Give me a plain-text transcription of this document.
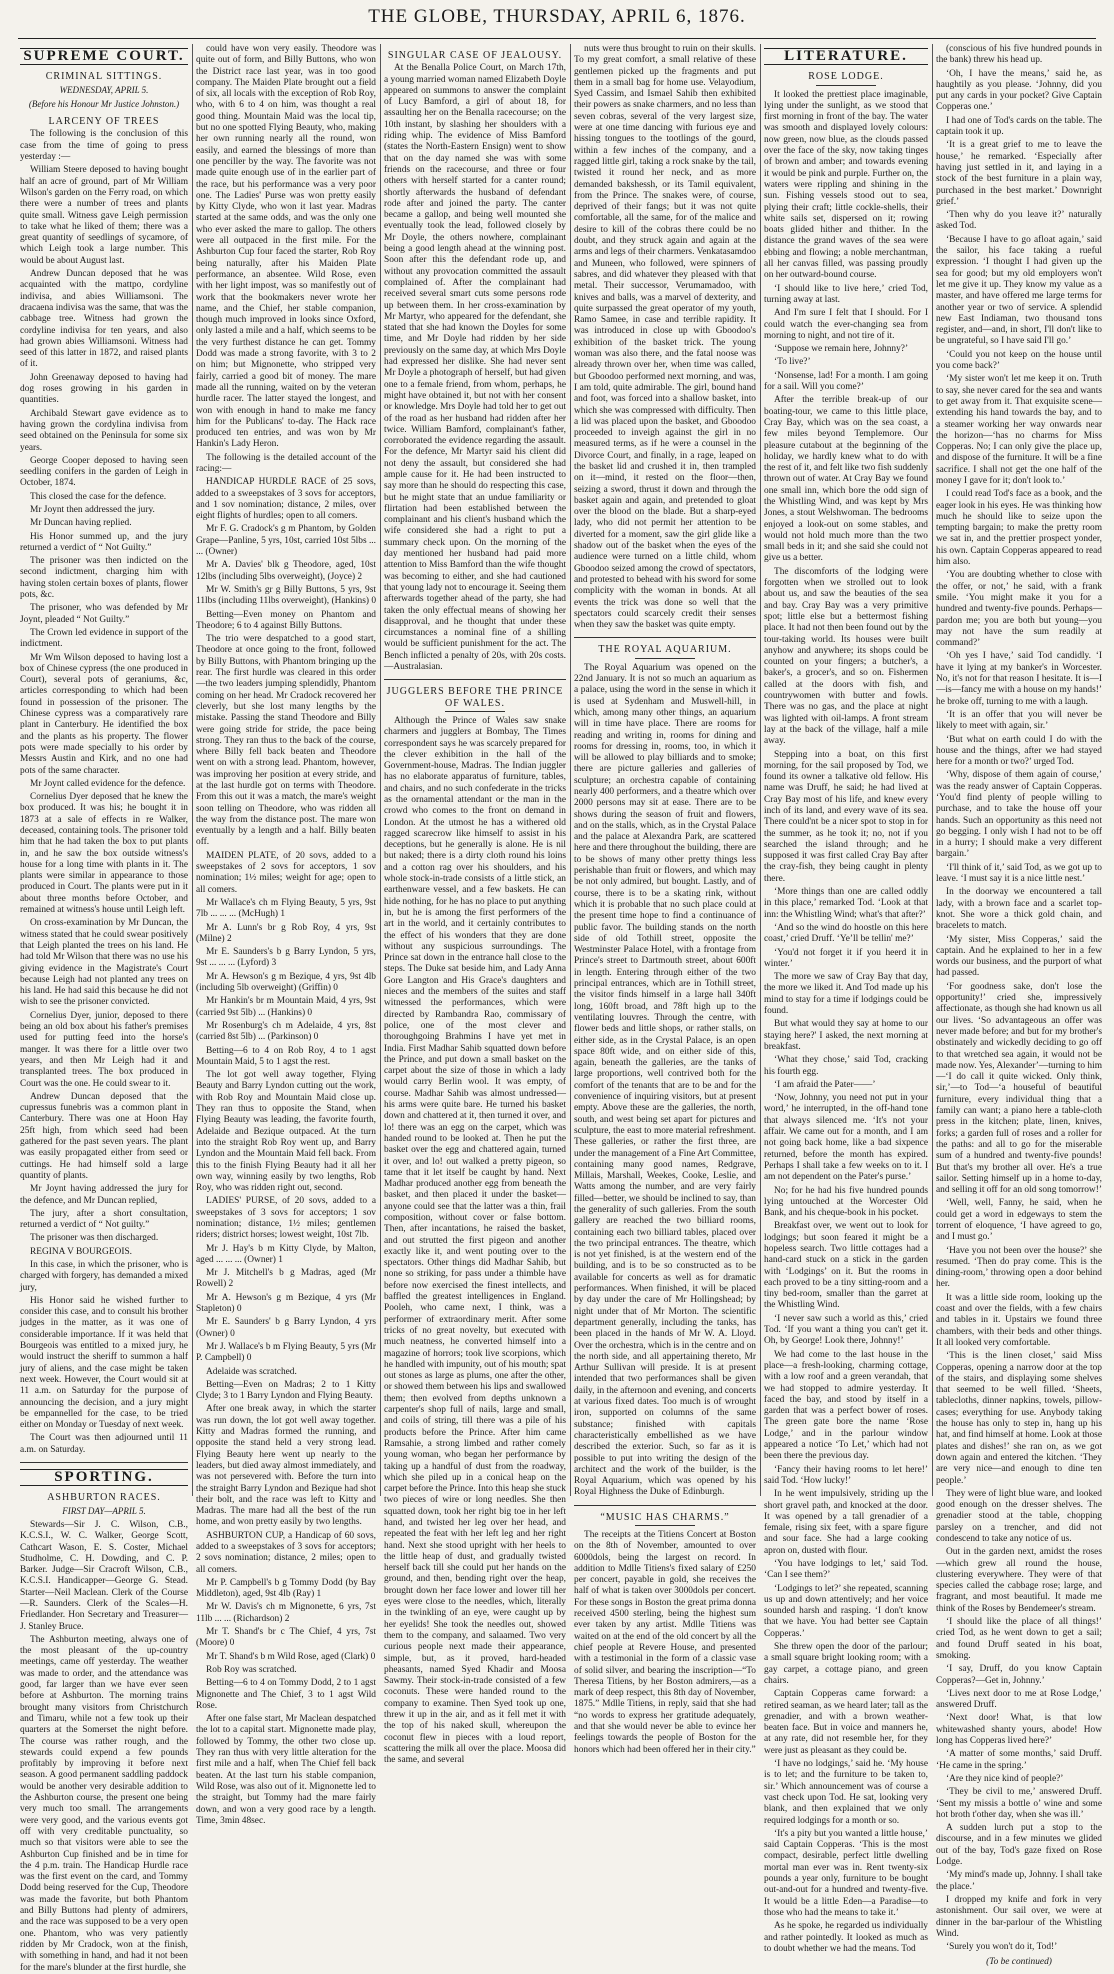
THE GLOBE, THURSDAY, APRIL 6, 1876.
SUPREME COURT.
CRIMINAL SITTINGS.
WEDNESDAY, APRIL 5.
(Before his Honour Mr Justice Johnston.)
LARCENY OF TREES

The following is the conclusion of this case from the time of going to press yesterday :—

William Steere deposed to having bought half an acre of ground, part of Mr William Wilson's garden on the Ferry road, on which there were a number of trees and plants quite small. Witness gave Leigh permission to take what he liked of them; there was a great quantity of seedlings of sycamore, of which Leigh took a large number. This would be about August last.

Andrew Duncan deposed that he was acquainted with the mattpo, cordyline indivisa, and abies Williamsoni. The dracaena indivisa was the same, that was the cabbage tree. Witness had grown the cordyline indivisa for ten years, and also had grown abies Williamsoni. Witness had seed of this latter in 1872, and raised plants of it.

John Greenaway deposed to having had dog roses growing in his garden in quantities.

Archibald Stewart gave evidence as to having grown the cordylina indivisa from seed obtained on the Peninsula for some six years.

George Cooper deposed to having seen seedling conifers in the garden of Leigh in October, 1874.

This closed the case for the defence.

Mr Joynt then addressed the jury.

Mr Duncan having replied.

His Honor summed up, and the jury returned a verdict of “ Not Guilty.”

The prisoner was then indicted on the second indictment, charging him with having stolen certain boxes of plants, flower pots, &c.

The prisoner, who was defended by Mr Joynt, pleaded “ Not Guilty.”

The Crown led evidence in support of the indictment.

Mr Wm Wilson deposed to having lost a box of Chinese cypress (the one produced in Court), several pots of geraniums, &c, articles corresponding to which had been found in possession of the prisoner. The Chinese cypress was a comparatively rare plant in Canterbury. He identified the box and the plants as his property. The flower pots were made specially to his order by Messrs Austin and Kirk, and no one had pots of the same character.

Mr Joynt called evidence for the defence.

Cornelius Dyer deposed that he knew the box produced. It was his; he bought it in 1873 at a sale of effects in re Walker, deceased, containing tools. The prisoner told him that he had taken the box to put plants in, and he saw the box outside witness's house for a long time with plants in it. The plants were similar in appearance to those produced in Court. The plants were put in it about three months before October, and remained at witness's house until Leigh left.

On cross-examination by Mr Duncan, the witness stated that he could swear positively that Leigh planted the trees on his land. He had told Mr Wilson that there was no use his giving evidence in the Magistrate's Court because Leigh had not planted any trees on his land. He had said this because he did not wish to see the prisoner convicted.

Cornelius Dyer, junior, deposed to there being an old box about his father's premises used for putting feed into the horse's manger. It was there for a little over two years, and then Mr Leigh had it and transplanted trees. The box produced in Court was the one. He could swear to it.

Andrew Duncan deposed that the cupressus funebris was a common plant in Canterbury. There was one at Hoon Hay 25ft high, from which seed had been gathered for the past seven years. The plant was easily propagated either from seed or cuttings. He had himself sold a large quantity of plants.

Mr Joynt having addressed the jury for the defence, and Mr Duncan replied,

The jury, after a short consultation, returned a verdict of “ Not guilty.”

The prisoner was then discharged.

REGINA V BOURGEOIS.

In this case, in which the prisoner, who is charged with forgery, has demanded a mixed jury,

His Honor said he wished further to consider this case, and to consult his brother judges in the matter, as it was one of considerable importance. If it was held that Bourgeois was entitled to a mixed jury, he would instruct the sheriff to summon a half jury of aliens, and the case might be taken next week. However, the Court would sit at 11 a.m. on Saturday for the purpose of announcing the decision, and a jury might be empannelled for the case, to be tried either on Monday or Tuesday of next week.

The Court was then adjourned until 11 a.m. on Saturday.

SPORTING.
ASHBURTON RACES.
FIRST DAY—APRIL 5.

Stewards—Sir J. C. Wilson, C.B., K.C.S.I., W. C. Walker, George Scott, Cathcart Wason, E. S. Coster, Michael Studholme, C. H. Dowding, and C. P. Barker. Judge—Sir Cracroft Wilson, C.B., K.C.S.I. Handicapper—George G. Stead. Starter—Neil Maclean. Clerk of the Course—R. Saunders. Clerk of the Scales—H. Friedlander. Hon Secretary and Treasurer—J. Stanley Bruce.

The Ashburton meeting, always one of the most pleasant of the up-country meetings, came off yesterday. The weather was made to order, and the attendance was good, far larger than we have ever seen before at Ashburton. The morning trains brought many visitors from Christchurch and Timaru, while not a few took up their quarters at the Somerset the night before. The course was rather rough, and the stewards could expend a few pounds profitably by improving it before next season. A good permanent saddling paddock would be another very desirable addition to the Ashburton course, the present one being very much too small. The arrangements were very good, and the various events got off with very creditable punctuality, so much so that visitors were able to see the Ashburton Cup finished and be in time for the 4 p.m. train. The Handicap Hurdle race was the first event on the card, and Tommy Dodd being reserved for the Cup, Theodore was made the favorite, but both Phantom and Billy Buttons had plenty of admirers, and the race was supposed to be a very open one. Phantom, who was very patiently ridden by Mr Cradock, won at the finish, with something in hand, and had it not been for the mare's blunder at the first hurdle, she

could have won very easily. Theodore was quite out of form, and Billy Buttons, who won the District race last year, was in too good company. The Maiden Plate brought out a field of six, all locals with the exception of Rob Roy, who, with 6 to 4 on him, was thought a real good thing. Mountain Maid was the local tip, but no one spotted Flying Beauty, who, making her own running nearly all the round, won easily, and earned the blessings of more than one penciller by the way. The favorite was not made quite enough use of in the earlier part of the race, but his performance was a very poor one. The Ladies' Purse was won pretty easily by Kitty Clyde, who won it last year. Madras started at the same odds, and was the only one who ever asked the mare to gallop. The others were all outpaced in the first mile. For the Ashburton Cup four faced the starter, Rob Roy being naturally, after his Maiden Plate performance, an absentee. Wild Rose, even with her light impost, was so manifestly out of work that the bookmakers never wrote her name, and the Chief, her stable companion, though much improved in looks since Oxford, only lasted a mile and a half, which seems to be the very furthest distance he can get. Tommy Dodd was made a strong favorite, with 3 to 2 on him; but Mignonette, who stripped very fairly, carried a good bit of money. The mare made all the running, waited on by the veteran hurdle racer. The latter stayed the longest, and won with enough in hand to make me fancy him for the Publicans' to-day. The Hack race produced ten entries, and was won by Mr Hankin's Lady Heron.

The following is the detailed account of the racing:—

HANDICAP HURDLE RACE of 25 sovs, added to a sweepstakes of 3 sovs for acceptors, and 1 sov nomination; distance, 2 miles, over eight flights of hurdles; open to all comers.

Mr F. G. Cradock's g m Phantom, by Golden Grape—Panline, 5 yrs, 10st, carried 10st 5lbs ... ... (Owner)

Mr A. Davies' blk g Theodore, aged, 10st 12lbs (including 5lbs overweight), (Joyce) 2

Mr W. Smith's gr g Billy Buttons, 5 yrs, 9st 11lbs (including 11lbs overweight), (Hankins) 0

Betting—Even money on Phantom and Theodore; 6 to 4 against Billy Buttons.

The trio were despatched to a good start, Theodore at once going to the front, followed by Billy Buttons, with Phantom bringing up the rear. The first hurdle was cleared in this order—the two leaders jumping splendidly, Phantom coming on her head. Mr Cradock recovered her cleverly, but she lost many lengths by the mistake. Passing the stand Theodore and Billy were going stride for stride, the pace being strong. They ran thus to the back of the course, where Billy fell back beaten and Theodore went on with a strong lead. Phantom, however, was improving her position at every stride, and at the last hurdle got on terms with Theodore. From this out it was a match, the mare's weight soon telling on Theodore, who was ridden all the way from the distance post. The mare won eventually by a length and a half. Billy beaten off.

MAIDEN PLATE, of 20 sovs, added to a sweepstakes of 2 sovs for acceptors, 1 sov nomination; 1½ miles; weight for age; open to all comers.

Mr Wallace's ch m Flying Beauty, 5 yrs, 9st 7lb ... ... ... (McHugh) 1

Mr A. Lunn's br g Rob Roy, 4 yrs, 9st (Milne) 2

Mr E. Saunders's b g Barry Lyndon, 5 yrs, 9st ... ... ... (Lyford) 3

Mr A. Hewson's g m Bezique, 4 yrs, 9st 4lb (including 5lb overweight) (Griffin) 0

Mr Hankin's br m Mountain Maid, 4 yrs, 9st (carried 9st 5lb) ... (Hankins) 0

Mr Rosenburg's ch m Adelaide, 4 yrs, 8st (carried 8st 5lb) ... (Parkinson) 0

Betting—6 to 4 on Rob Roy, 4 to 1 agst Mountain Maid, 5 to 1 agst the rest.

The lot got well away together, Flying Beauty and Barry Lyndon cutting out the work, with Rob Roy and Mountain Maid close up. They ran thus to opposite the Stand, when Flying Beauty was leading, the favorite fourth, Adelaide and Bezique outpaced. At the turn into the straight Rob Roy went up, and Barry Lyndon and the Mountain Maid fell back. From this to the finish Flying Beauty had it all her own way, winning easily by two lengths, Rob Roy, who was ridden right out, second.

LADIES' PURSE, of 20 sovs, added to a sweepstakes of 3 sovs for acceptors; 1 sov nomination; distance, 1½ miles; gentlemen riders; district horses; lowest weight, 10st 7lb.

Mr J. Hay's b m Kitty Clyde, by Malton, aged ... ... ... (Owner) 1

Mr J. Mitchell's b g Madras, aged (Mr Rowell) 2

Mr A. Hewson's g m Bezique, 4 yrs (Mr Stapleton) 0

Mr E. Saunders' b g Barry Lyndon, 4 yrs (Owner) 0

Mr J. Wallace's b m Flying Beauty, 5 yrs (Mr P. Campbell) 0

Adelaide was scratched.

Betting—Even on Madras; 2 to 1 Kitty Clyde; 3 to 1 Barry Lyndon and Flying Beauty.

After one break away, in which the starter was run down, the lot got well away together. Kitty and Madras formed the running, and opposite the stand held a very strong lead. Flying Beauty here went up nearly to the leaders, but died away almost immediately, and was not persevered with. Before the turn into the straight Barry Lyndon and Bezique had shot their bolt, and the race was left to Kitty and Madras. The mare had all the best of the run home, and won pretty easily by two lengths.

ASHBURTON CUP, a Handicap of 60 sovs, added to a sweepstakes of 3 sovs for acceptors; 2 sovs nomination; distance, 2 miles; open to all comers.

Mr P. Campbell's b g Tommy Dodd (by Bay Middleton), aged, 9st 4lb (Ray) 1

Mr W. Davis's ch m Mignonette, 6 yrs, 7st 11lb ... ... (Richardson) 2

Mr T. Shand's br c The Chief, 4 yrs, 7st (Moore) 0

Mr T. Shand's b m Wild Rose, aged (Clark) 0

Rob Roy was scratched.

Betting—6 to 4 on Tommy Dodd, 2 to 1 agst Mignonette and The Chief, 3 to 1 agst Wild Rose.

After one false start, Mr Maclean despatched the lot to a capital start. Mignonette made play, followed by Tommy, the other two close up. They ran thus with very little alteration for the first mile and a half, when The Chief fell back beaten. At the last turn his stable companion, Wild Rose, was also out of it. Mignonette led to the straight, but Tommy had the mare fairly down, and won a very good race by a length. Time, 3min 48sec.

SINGULAR CASE OF JEALOUSY.

At the Benalla Police Court, on March 17th, a young married woman named Elizabeth Doyle appeared on summons to answer the complaint of Lucy Bamford, a girl of about 18, for assaulting her on the Benalla racecourse; on the 10th instant, by slashing her shoulders with a riding whip. The evidence of Miss Bamford (states the North-Eastern Ensign) went to show that on the day named she was with some friends on the racecourse, and three or four others with herself started for a canter round; shortly afterwards the husband of defendant rode after and joined the party. The canter became a gallop, and being well mounted she eventually took the lead, followed closely by Mr Doyle, the others nowhere, complainant being a good length ahead at the winning post. Soon after this the defendant rode up, and without any provocation committed the assault complained of. After the complainant had received several smart cuts some persons rode up between them. In her cross-examination by Mr Martyr, who appeared for the defendant, she stated that she had known the Doyles for some time, and Mr Doyle had ridden by her side previously on the same day, at which Mrs Doyle had expressed her dislike. She had never sent Mr Doyle a photograph of herself, but had given one to a female friend, from whom, perhaps, he might have obtained it, but not with her consent or knowledge. Mrs Doyle had told her to get out of the road as her husband had ridden after her twice. William Bamford, complainant's father, corroborated the evidence regarding the assault. For the defence, Mr Martyr said his client did not deny the assault, but considered she had ample cause for it. He had been instructed to say more than he should do respecting this case, but he might state that an undue familiarity or flirtation had been established between the complainant and his client's husband which the wife considered she had a right to put a summary check upon. On the morning of the day mentioned her husband had paid more attention to Miss Bamford than the wife thought was becoming to either, and she had cautioned that young lady not to encourage it. Seeing them afterwards together ahead of the party, she had taken the only effectual means of showing her disapproval, and he thought that under these circumstances a nominal fine of a shilling would be sufficient punishment for the act. The Bench inflicted a penalty of 20s, with 20s costs.—Australasian.

JUGGLERS BEFORE THE PRINCE OF WALES.

Although the Prince of Wales saw snake charmers and jugglers at Bombay, The Times correspondent says he was scarcely prepared for the clever exhibition in the hall of the Government-house, Madras. The Indian juggler has no elaborate apparatus of furniture, tables, and chairs, and no such confederate in the tricks as the ornamental attendant or the man in the crowd who comes to the front on demand in London. At the utmost he has a withered old ragged scarecrow like himself to assist in his deceptions, but he generally is alone. He is nil but naked; there is a dirty cloth round his loins and a cotton rag over his shoulders, and his whole stock-in-trade consists of a little stick, an earthenware vessel, and a few baskets. He can hide nothing, for he has no place to put anything in, but he is among the first performers of the art in the world, and it certainly contributes to the effect of his wonders that they are done without any suspicious surroundings. The Prince sat down in the entrance hall close to the steps. The Duke sat beside him, and Lady Anna Gore Langton and His Grace's daughters and nieces and the members of the suites and staff witnessed the performances, which were directed by Rambandra Rao, commissary of police, one of the most clever and thoroughgoing Brahmins I have yet met in India. First Madhar Sahib squatted down before the Prince, and put down a small basket on the carpet about the size of those in which a lady would carry Berlin wool. It was empty, of course. Madhar Sahib was almost undressed—his arms were quite bare. He turned his basket down and chattered at it, then turned it over, and lo! there was an egg on the carpet, which was handed round to be looked at. Then he put the basket over the egg and chattered again, turned it over, and lo! out walked a pretty pigeon, so tame that it let itself be caught by hand. Next Madhar produced another egg from beneath the basket, and then placed it under the basket—anyone could see that the latter was a thin, frail composition, without cover or false bottom. Then, after incantations, he raised the basket, and out strutted the first pigeon and another exactly like it, and went pouting over to the spectators. Other things did Madhar Sahib, but none so striking, for pass under a thimble have before now exercised the finest intellects, and baffled the greatest intelligences in England. Pooleh, who came next, I think, was a performer of extraordinary merit. After some tricks of no great novelty, but executed with much neatness, he converted himself into a magazine of horrors; took live scorpions, which he handled with impunity, out of his mouth; spat out stones as large as plums, one after the other, or showed them between his lips and swallowed them; then evolved from depths unknown a carpenter's shop full of nails, large and small, and coils of string, till there was a pile of his products before the Prince. After him came Ramsahie, a strong limbed and rather comely young woman, who began her performance by taking up a handful of dust from the roadway, which she piled up in a conical heap on the carpet before the Prince. Into this heap she stuck two pieces of wire or long needles. She then squatted down, took her right big toe in her left hand, and twisted her leg over her head, and repeated the feat with her left leg and her right hand. Next she stood upright with her heels to the little heap of dust, and gradually twisted herself back till she could put her hands on the ground, and then, bending right over the heap, brought down her face lower and lower till her eyes were close to the needles, which, literally in the twinkling of an eye, were caught up by her eyelids! She took the needles out, showed them to the company, and salaamed. Two very curious people next made their appearance, simple, but, as it proved, hard-headed pheasants, named Syed Khadir and Moosa Sawmy. Their stock-in-trade consisted of a few coconuts. These were handed round to the company to examine. Then Syed took up one, threw it up in the air, and as it fell met it with the top of his naked skull, whereupon the coconut flew in pieces with a loud report, scattering the milk all over the place. Moosa did the same, and several

nuts were thus brought to ruin on their skulls. To my great comfort, a small relative of these gentlemen picked up the fragments and put them in a small bag for home use. Velayodium, Syed Cassim, and Ismael Sahib then exhibited their powers as snake charmers, and no less than seven cobras, several of the very largest size, were at one time dancing with furious eye and hissing tongues to the tootlings of the gourd, within a few inches of the company, and a ragged little girl, taking a rock snake by the tail, twisted it round her neck, and as more demanded bakshessh, or its Tamil equivalent, from the Prince. The snakes were, of course, deprived of their fangs; but it was not quite comfortable, all the same, for of the malice and desire to kill of the cobras there could be no doubt, and they struck again and again at the arms and legs of their charmers. Venkatasamdoo and Muneen, who followed, were spinners of sabres, and did whatever they pleased with that metal. Their successor, Verumamadoo, with knives and balls, was a marvel of dexterity, and quite surpassed the great operator of my youth, Ramo Samee, in case and terrible rapidity. It was introduced in close up with Gboodoo's exhibition of the basket trick. The young woman was also there, and the fatal noose was already thrown over her, when time was called, but Gboodoo performed next morning, and was, I am told, quite admirable. The girl, bound hand and foot, was forced into a shallow basket, into which she was compressed with difficulty. Then a lid was placed upon the basket, and Gboodoo proceeded to inveigh against the girl in no measured terms, as if he were a counsel in the Divorce Court, and finally, in a rage, leaped on the basket lid and crushed it in, then trampled on it—mind, it rested on the floor—then, seizing a sword, thrust it down and through the basket again and again, and pretended to gloat over the blood on the blade. But a sharp-eyed lady, who did not permit her attention to be diverted for a moment, saw the girl glide like a shadow out of the basket when the eyes of the audience were turned on a little child, whom Gboodoo seized among the crowd of spectators, and protested to behead with his sword for some complicity with the woman in bonds. At all events the trick was done so well that the spectators could scarcely credit their senses when they saw the basket was quite empty.

THE ROYAL AQUARIUM.

The Royal Aquarium was opened on the 22nd January. It is not so much an aquarium as a palace, using the word in the sense in which it is used at Sydenham and Muswell-hill, in which, among many other things, an aquarium will in time have place. There are rooms for reading and writing in, rooms for dining and rooms for dressing in, rooms, too, in which it will be allowed to play billiards and to smoke; there are picture galleries and galleries of sculpture; an orchestra capable of containing nearly 400 performers, and a theatre which over 2000 persons may sit at ease. There are to be shows during the season of fruit and flowers, and on the stalls, which, as in the Crystal Palace and the palace at Alexandra Park, are scattered here and there throughout the building, there are to be shows of many other pretty things less perishable than fruit or flowers, and which may be not only admired, but bought. Lastly, and of course, there is to be a skating rink, without which it is probable that no such place could at the present time hope to find a continuance of public favor. The building stands on the north side of old Tothill street, opposite the Westminster Palace Hotel, with a frontage from Prince's street to Dartmouth street, about 600ft in length. Entering through either of the two principal entrances, which are in Tothill street, the visitor finds himself in a large hall 340ft long, 160ft broad, and 78ft high up to the ventilating louvres. Through the centre, with flower beds and little shops, or rather stalls, on either side, as in the Crystal Palace, is an open space 80ft wide, and on either side of this, again, beneath the galleries, are the tanks of large proportions, well contrived both for the comfort of the tenants that are to be and for the convenience of inquiring visitors, but at present empty. Above these are the galleries, the north, south, and west being set apart for pictures and sculpture, the east to more material refreshment. These galleries, or rather the first three, are under the management of a Fine Art Committee, containing many good names, Redgrave, Millais, Marshall, Weekes, Cooke, Leslie, and Watts among the number, and are very fairly filled—better, we should be inclined to say, than the generality of such galleries. From the south gallery are reached the two billiard rooms, containing each two billiard tables, placed over the two principal entrances. The theatre, which is not yet finished, is at the western end of the building, and is to be so constructed as to be available for concerts as well as for dramatic performances. When finished, it will be placed by day under the care of Mr Hollingshead; by night under that of Mr Morton. The scientific department generally, including the tanks, has been placed in the hands of Mr W. A. Lloyd. Over the orchestra, which is in the centre and on the north side, and all appertaining thereto, Mr Arthur Sullivan will preside. It is at present intended that two performances shall be given daily, in the afternoon and evening, and concerts at various fixed dates. Too much is of wrought iron, supported on columns of the same substance; finished with capitals characteristically embellished as we have described the exterior. Such, so far as it is possible to put into writing the design of the architect and the work of the builder, is the Royal Aquarium, which was opened by his Royal Highness the Duke of Edinburgh.

“MUSIC HAS CHARMS.”

The receipts at the Titiens Concert at Boston on the 8th of November, amounted to over 6000dols, being the largest on record. In addition to Mdlle Titiens's fixed salary of £250 per concert, payable in gold, she receives the half of what is taken over 3000dols per concert. For these songs in Boston the great prima donna received 4500 sterling, being the highest sum ever taken by any artist. Mdlle Titiens was waited on at the end of the old concert by all the chief people at Revere House, and presented with a testimonial in the form of a classic vase of solid silver, and bearing the inscription—“To Theresa Titiens, by her Boston admirers,—as a mark of deep respect, this 8th day of November, 1875.” Mdlle Titiens, in reply, said that she had “no words to express her gratitude adequately, and that she would never be able to evince her feelings towards the people of Boston for the honors which had been offered her in their city.”

LITERATURE.
ROSE LODGE.

It looked the prettiest place imaginable, lying under the sunlight, as we stood that first morning in front of the bay. The water was smooth and displayed lovely colours: now green, now blue, as the clouds passed over the face of the sky, now taking tinges of brown and amber; and towards evening it would be pink and purple. Further on, the waters were rippling and shining in the sun. Fishing vessels stood out to sea, plying their craft; little cockle-shells, their white sails set, dispersed on it; rowing boats glided hither and thither. In the distance the grand waves of the sea were ebbing and flowing; a noble merchantman, all her canvas filled, was passing proudly on her outward-bound course.

‘I should like to live here,’ cried Tod, turning away at last.

And I'm sure I felt that I should. For I could watch the ever-changing sea from morning to night, and not tire of it.

‘Suppose we remain here, Johnny?’

‘To live?’

‘Nonsense, lad! For a month. I am going for a sail. Will you come?’

After the terrible break-up of our boating-tour, we came to this little place, Cray Bay, which was on the sea coast, a few miles beyond Templemore. Our pleasure cutabout at the beginning of the holiday, we hardly knew what to do with the rest of it, and felt like two fish suddenly thrown out of water. At Cray Bay we found one small inn, which bore the odd sign of the Whistling Wind, and was kept by Mrs Jones, a stout Welshwoman. The bedrooms enjoyed a look-out on some stables, and would not hold much more than the two small beds in it; and she said she could not give us a better.

The discomforts of the lodging were forgotten when we strolled out to look about us, and saw the beauties of the sea and bay. Cray Bay was a very primitive spot; little else but a bettermost fishing place. It had not then been found out by the tour-taking world. Its houses were built anyhow and anywhere; its shops could be counted on your fingers; a butcher's, a baker's, a grocer's, and so on. Fishermen called at the doors with fish, and countrywomen with butter and fowls. There was no gas, and the place at night was lighted with oil-lamps. A front stream lay at the back of the village, half a mile away.

Stepping into a boat, on this first morning, for the sail proposed by Tod, we found its owner a talkative old fellow. His name was Druff, he said; he had lived at Cray Bay most of his life, and knew every inch of its land, and every wave of its sea. There could'nt be a nicer spot to stop in for the summer, as he took it; no, not if you searched the island through; and he supposed it was first called Cray Bay after the cray-fish, they being caught in plenty there.

‘More things than one are called oddly in this place,’ remarked Tod. ‘Look at that inn: the Whistling Wind; what's that after?’

‘And so the wind do hoostle on this here coast,’ cried Druff. ‘Ye’ll be tellin' me?’

‘You'd not forget it if you heerd it in winter.’

The more we saw of Cray Bay that day, the more we liked it. And Tod made up his mind to stay for a time if lodgings could be found.

But what would they say at home to our staying here?' I asked, the next morning at breakfast.

‘What they chose,’ said Tod, cracking his fourth egg.

‘I am afraid the Pater——’

‘Now, Johnny, you need not put in your word,’ he interrupted, in the off-hand tone that always silenced me. ‘It's not your affair. We came out for a month, and I am not going back home, like a bad sixpence returned, before the month has expired. Perhaps I shall take a few weeks on to it. I am not dependent on the Pater's purse.’

No; for he had his five hundred pounds lying untouched at the Worcester Old Bank, and his cheque-book in his pocket.

Breakfast over, we went out to look for lodgings; but soon feared it might be a hopeless search. Two little cottages had a hand-card stuck on a stick in the garden with ‘Lodgings’ on it. But the rooms in each proved to be a tiny sitting-room and a tiny bed-room, smaller than the garret at the Whistling Wind.

‘I never saw such a world as this,’ cried Tod. ‘If you want a thing you can't get it. Oh, by George! Look there, Johnny!’

We had come to the last house in the place—a fresh-looking, charming cottage, with a low roof and a green verandah, that we had stopped to admire yesterday. It faced the bay, and stood by itself in a garden that was a perfect bower of roses. The green gate bore the name ‘Rose Lodge,’ and in the parlour window appeared a notice ‘To Let,’ which had not been there the previous day.

‘Fancy their having rooms to let here!’ said Tod. ‘How lucky!’

In he went impulsively, striding up the short gravel path, and knocked at the door. It was opened by a tall grenadier of a female, rising six feet, with a spare figure and sour face. She had a large cooking apron on, dusted with flour.

‘You have lodgings to let,’ said Tod. ‘Can I see them?’

‘Lodgings to let?’ she repeated, scanning us up and down attentively; and her voice sounded harsh and rasping. ‘I don't know that we have. You had better see Captain Copperas.’

She threw open the door of the parlour; a small square bright looking room; with a gay carpet, a cottage piano, and green chairs.

Captain Copperas came forward: a retired seaman, as we heard later; tall as the grenadier, and with a brown weather-beaten face. But in voice and manners he, at any rate, did not resemble her, for they were just as pleasant as they could be.

‘I have no lodgings,’ said he. ‘My house is to let; and the furniture to be taken to, sir.’ Which announcement was of course a vast check upon Tod. He sat, looking very blank, and then explained that we only required lodgings for a month or so.

‘It's a pity but you wanted a little house,’ said Captain Copperas. ‘This is the most compact, desirable, perfect little dwelling mortal man ever was in. Rent twenty-six pounds a year only, furniture to be bought out-and-out for a hundred and twenty-five. It would be a little Eden—a Paradise—to those who had the means to take it.’

As he spoke, he regarded us individually and rather pointedly. It looked as much as to doubt whether we had the means. Tod

(conscious of his five hundred pounds in the bank) threw his head up.

‘Oh, I have the means,’ said he, as haughtily as you please. ‘Johnny, did you put any cards in your pocket? Give Captain Copperas one.’

I had one of Tod's cards on the table. The captain took it up.

‘It is a great grief to me to leave the house,’ he remarked. ‘Especially after having just settled in it, and laying in a stock of the best furniture in a plain way, purchased in the best market.’ Downright grief.’

‘Then why do you leave it?’ naturally asked Tod.

‘Because I have to go afloat again,’ said the sailor, his face taking a rueful expression. ‘I thought I had given up the sea for good; but my old employers won't let me give it up. They know my value as a master, and have offered me large terms for another year or two of service. A splendid new East Indiaman, two thousand tons register, and—and, in short, I'll don't like to be ungrateful, so I have said I'll go.’

‘Could you not keep on the house until you come back?’

‘My sister won't let me keep it on. Truth to say, she never cared for the sea and wants to get away from it. That exquisite scene—extending his hand towards the bay, and to a steamer working her way onwards near the horizon—‘has no charms for Miss Copperas. No; I can only give the place up, and dispose of the furniture. It will be a fine sacrifice. I shall not get the one half of the money I gave for it; don't look to.’

I could read Tod's face as a book, and the eager look in his eyes. He was thinking how much he should like to seize upon the tempting bargain; to make the pretty room we sat in, and the prettier prospect yonder, his own. Captain Copperas appeared to read him also.

‘You are doubting whether to close with the offer, or not,’ he said, with a frank smile. ‘You might make it you for a hundred and twenty-five pounds. Perhaps—pardon me; you are both but young—you may not have the sum readily at command?’

‘Oh yes I have,’ said Tod candidly. ‘I have it lying at my banker's in Worcester. No, it's not for that reason I hesitate. It is—I—is—fancy me with a house on my hands!’ he broke off, turning to me with a laugh.

‘It is an offer that you will never be likely to meet with again, sir.’

‘But what on earth could I do with the house and the things, after we had stayed here for a month or two?’ urged Tod.

‘Why, dispose of them again of course,’ was the ready answer of Captain Copperas. ‘You'd find plenty of people willing to purchase, and to take the house off your hands. Such an opportunity as this need not go begging. I only wish I had not to be off in a hurry; I should make a very different bargain.’

‘I'll think of it,’ said Tod, as we got up to leave. ‘I must say it is a nice little nest.’

In the doorway we encountered a tall lady, with a brown face and a scarlet top-knot. She wore a thick gold chain, and bracelets to match.

‘My sister, Miss Copperas,’ said the captain. And he explained to her in a few words our business, and the purport of what had passed.

‘For goodness sake, don't lose the opportunity!’ cried she, impressively affectionate, as though she had known us all our lives. ‘So advantageous an offer was never made before; and but for my brother's obstinately and wickedly deciding to go off to that wretched sea again, it would not be made now. Yes, Alexander’—turning to him—‘I do call it quite wicked. Only think, sir,’—to Tod—‘a houseful of beautiful furniture, every individual thing that a family can want; a piano here a table-cloth press in the kitchen; plate, linen, knives, forks; a garden full of roses and a roller for the paths: and all to go for the miserable sum of a hundred and twenty-five pounds! But that's my brother all over. He's a true sailor. Setting himself up in a home to-day, and selling it off for an old song tomorrow!’

‘Well, well, Fanny, he said, when he could get a word in edgeways to stem the torrent of eloquence, ‘I have agreed to go, and I must go.’

‘Have you not been over the house?’ she resumed. ‘Then do pray come. This is the dining-room,’ throwing open a door behind her.

It was a little side room, looking up the coast and over the fields, with a few chairs and tables in it. Upstairs we found three chambers, with their beds and other things. It all looked very comfortable.

‘This is the linen closet,’ said Miss Copperas, opening a narrow door at the top of the stairs, and displaying some shelves that seemed to be well filled. ‘Sheets, tablecloths, dinner napkins, towels, pillow-cases; everything for use. Anybody taking the house has only to step in, hang up his hat, and find himself at home. Look at those plates and dishes!’ she ran on, as we got down again and entered the kitchen. ‘They are very nice—and enough to dine ten people.’

They were of light blue ware, and looked good enough on the dresser shelves. The grenadier stood at the table, chopping parsley on a trencher, and did not condescend to take any notice of us.

Out in the garden next, amidst the roses—which grew all round the house, clustering everywhere. They were of that species called the cabbage rose; large, and fragrant, and most beautiful. It made me think of the Roses by Bendemeer's stream.

‘I should like the place of all things!’ cried Tod, as he went down to get a sail; and found Druff seated in his boat, smoking.

‘I say, Druff, do you know Captain Copperas?—Get in, Johnny.’

‘Lives next door to me at Rose Lodge,’ answered Druff.

‘Next door! What, is that low whitewashed shanty yours, abode! How long has Copperas lived here?’

‘A matter of some months,’ said Druff. ‘He came in the spring.’

‘Are they nice kind of people?’

‘They be civil to me,’ answered Druff. ‘Sent my missis a bottle o’ wine and some hot broth t'other day, when she was ill.’

A sudden lurch put a stop to the discourse, and in a few minutes we glided out of the bay, Tod's gaze fixed on Rose Lodge.

‘My mind's made up, Johnny. I shall take the place.’

I dropped my knife and fork in very astonishment. Our sail over, we were at dinner in the bar-parlour of the Whistling Wind.

‘Surely you won't do it, Tod!’

(To be continued)
